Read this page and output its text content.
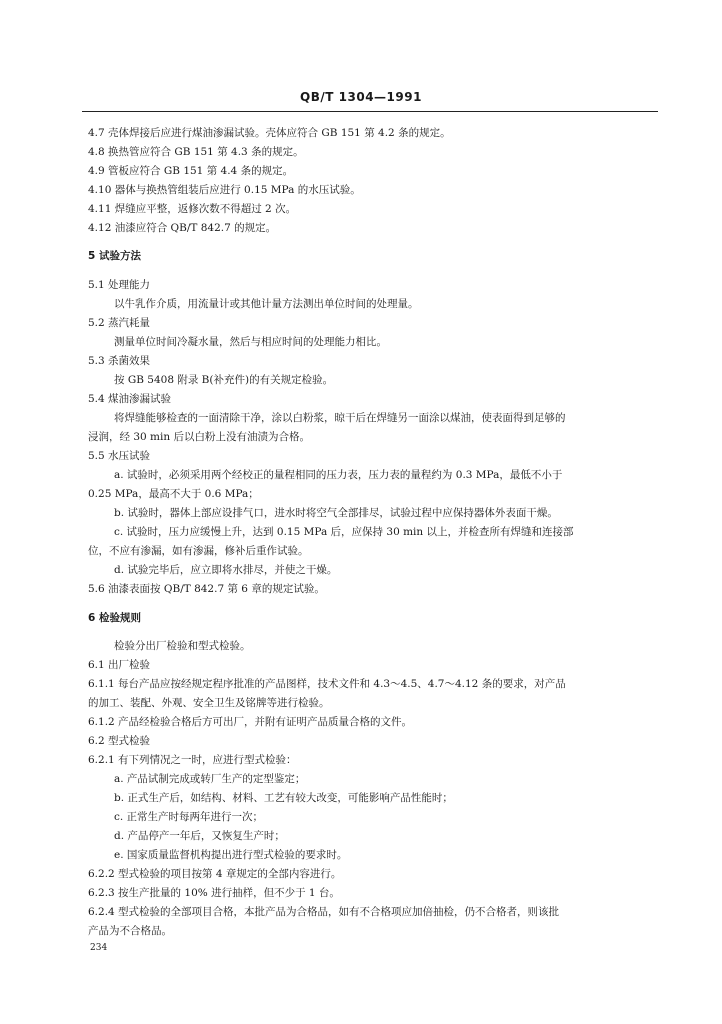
QB/T 1304—1991
4.7 壳体焊接后应进行煤油渗漏试验。壳体应符合 GB 151 第 4.2 条的规定。
4.8 换热管应符合 GB 151 第 4.3 条的规定。
4.9 管板应符合 GB 151 第 4.4 条的规定。
4.10 器体与换热管组装后应进行 0.15 MPa 的水压试验。
4.11 焊缝应平整，返修次数不得超过 2 次。
4.12 油漆应符合 QB/T 842.7 的规定。
5 试验方法
5.1 处理能力
以牛乳作介质，用流量计或其他计量方法测出单位时间的处理量。
5.2 蒸汽耗量
测量单位时间冷凝水量，然后与相应时间的处理能力相比。
5.3 杀菌效果
按 GB 5408 附录 B(补充件)的有关规定检验。
5.4 煤油渗漏试验
将焊缝能够检查的一面清除干净，涂以白粉浆，晾干后在焊缝另一面涂以煤油，使表面得到足够的
浸润，经 30 min 后以白粉上没有油渍为合格。
5.5 水压试验
a. 试验时，必须采用两个经校正的量程相同的压力表，压力表的量程约为 0.3 MPa，最低不小于
0.25 MPa，最高不大于 0.6 MPa；
b. 试验时，器体上部应设排气口，进水时将空气全部排尽，试验过程中应保持器体外表面干燥。
c. 试验时，压力应缓慢上升，达到 0.15 MPa 后，应保持 30 min 以上，并检查所有焊缝和连接部
位，不应有渗漏，如有渗漏，修补后重作试验。
d. 试验完毕后，应立即将水排尽，并使之干燥。
5.6 油漆表面按 QB/T 842.7 第 6 章的规定试验。
6 检验规则
检验分出厂检验和型式检验。
6.1 出厂检验
6.1.1 每台产品应按经规定程序批准的产品图样，技术文件和 4.3～4.5、4.7～4.12 条的要求，对产品
的加工、装配、外观、安全卫生及铭牌等进行检验。
6.1.2 产品经检验合格后方可出厂，并附有证明产品质量合格的文件。
6.2 型式检验
6.2.1 有下列情况之一时，应进行型式检验：
a. 产品试制完成或转厂生产的定型鉴定；
b. 正式生产后，如结构、材料、工艺有较大改变，可能影响产品性能时；
c. 正常生产时每两年进行一次；
d. 产品停产一年后，又恢复生产时；
e. 国家质量监督机构提出进行型式检验的要求时。
6.2.2 型式检验的项目按第 4 章规定的全部内容进行。
6.2.3 按生产批量的 10% 进行抽样，但不少于 1 台。
6.2.4 型式检验的全部项目合格，本批产品为合格品，如有不合格项应加倍抽检，仍不合格者，则该批
产品为不合格品。
234
